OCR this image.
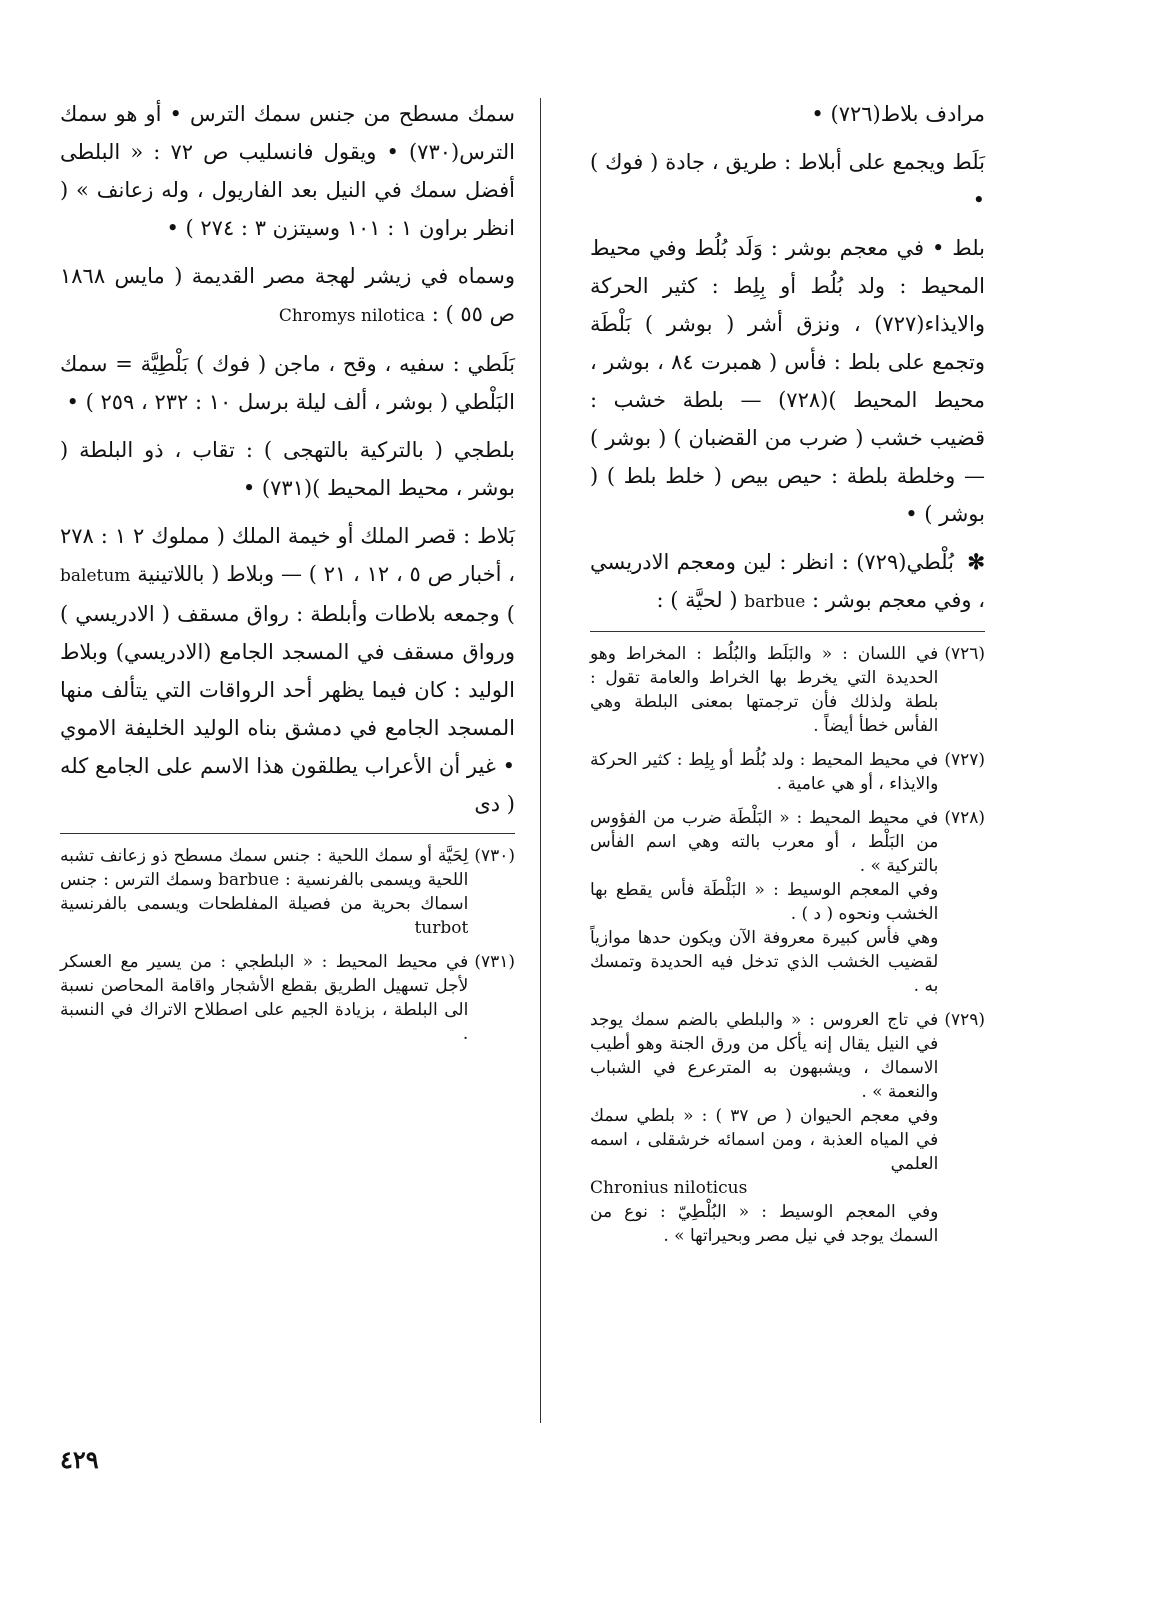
مرادف بلاط(٧٢٦) •

بَلَط ويجمع على أبلاط : طريق ، جادة ( فوك ) •

بلط • في معجم بوشر : وَلَد بُلُط وفي محيط المحيط : ولد بُلُط أو بِلِط : كثير الحركة والايذاء(٧٢٧) ، ونزق أشر ( بوشر ) بَلْطَة وتجمع على بلط : فأس ( همبرت ٨٤ ، بوشر ، محيط المحيط )(٧٢٨) — بلطة خشب : قضيب خشب ( ضرب من القضبان ) ( بوشر ) — وخلطة بلطة : حيص بيص ( خلط بلط ) ( بوشر ) •

✻ بُلْطي(٧٢٩) : انظر : لين ومعجم الادريسي ، وفي معجم بوشر : barbue ( لحيَّة ) :

(٧٢٦)

في اللسان : « والبَلَط والبُلُط : المخراط وهو الحديدة التي يخرط بها الخراط والعامة تقول : بلطة ولذلك فأن ترجمتها بمعنى البلطة وهي الفأس خطأ أيضاً .

(٧٢٧)

في محيط المحيط : ولد بُلُط أو بِلِط : كثير الحركة والايذاء ، أو هي عامية .

(٧٢٨)

في محيط المحيط : « البَلْطَة ضرب من الفؤوس من البَلْط ، أو معرب بالته وهي اسم الفأس بالتركية » .

وفي المعجم الوسيط : « البَلْطَة فأس يقطع بها الخشب ونحوه ( د ) .

وهي فأس كبيرة معروفة الآن ويكون حدها موازياً لقضيب الخشب الذي تدخل فيه الحديدة وتمسك به .

(٧٢٩)

في تاج العروس : « والبلطي بالضم سمك يوجد في النيل يقال إنه يأكل من ورق الجنة وهو أطيب الاسماك ، ويشبهون به المترعرع في الشباب والنعمة » .

وفي معجم الحيوان ( ص ٣٧ ) : « بلطي سمك في المياه العذبة ، ومن اسمائه خرشقلى ، اسمه العلمي

Chronius niloticus

وفي المعجم الوسيط : « البُلْطِيّ : نوع من السمك يوجد في نيل مصر وبحيراتها » .

سمك مسطح من جنس سمك الترس • أو هو سمك الترس(٧٣٠) • ويقول فانسليب ص ٧٢ : « البلطى أفضل سمك في النيل بعد الفاريول ، وله زعانف » ( انظر براون ١ : ١٠١ وسيتزن ٣ : ٢٧٤ ) •

وسماه في زيشر لهجة مصر القديمة ( مايس ١٨٦٨ ص ٥٥ ) : Chromys nilotica

بَلَطي : سفيه ، وقح ، ماجن ( فوك ) بَلْطِيَّة = سمك البَلْطي ( بوشر ، ألف ليلة برسل ١٠ : ٢٣٢ ، ٢٥٩ ) •

بلطجي ( بالتركية بالتهجى ) : تقاب ، ذو البلطة ( بوشر ، محيط المحيط )(٧٣١) •

بَلاط : قصر الملك أو خيمة الملك ( مملوك ٢ ١ : ٢٧٨ ، أخبار ص ٥ ، ١٢ ، ٢١ ) — وبلاط ( باللاتينية baletum ) وجمعه بلاطات وأبلطة : رواق مسقف ( الادريسي ) ورواق مسقف في المسجد الجامع (الادريسي) وبلاط الوليد : كان فيما يظهر أحد الرواقات التي يتألف منها المسجد الجامع في دمشق بناه الوليد الخليفة الاموي • غير أن الأعراب يطلقون هذا الاسم على الجامع كله ( دى

(٧٣٠)

لِحَيَّة أو سمك اللحية : جنس سمك مسطح ذو زعانف تشبه اللحية ويسمى بالفرنسية : barbue وسمك الترس : جنس اسماك بحرية من فصيلة المفلطحات ويسمى بالفرنسية turbot

(٧٣١)

في محيط المحيط : « البلطجي : من يسير مع العسكر لأجل تسهيل الطريق بقطع الأشجار واقامة المحاصن نسبة الى البلطة ، بزيادة الجيم على اصطلاح الاتراك في النسبة .

٤٢٩
